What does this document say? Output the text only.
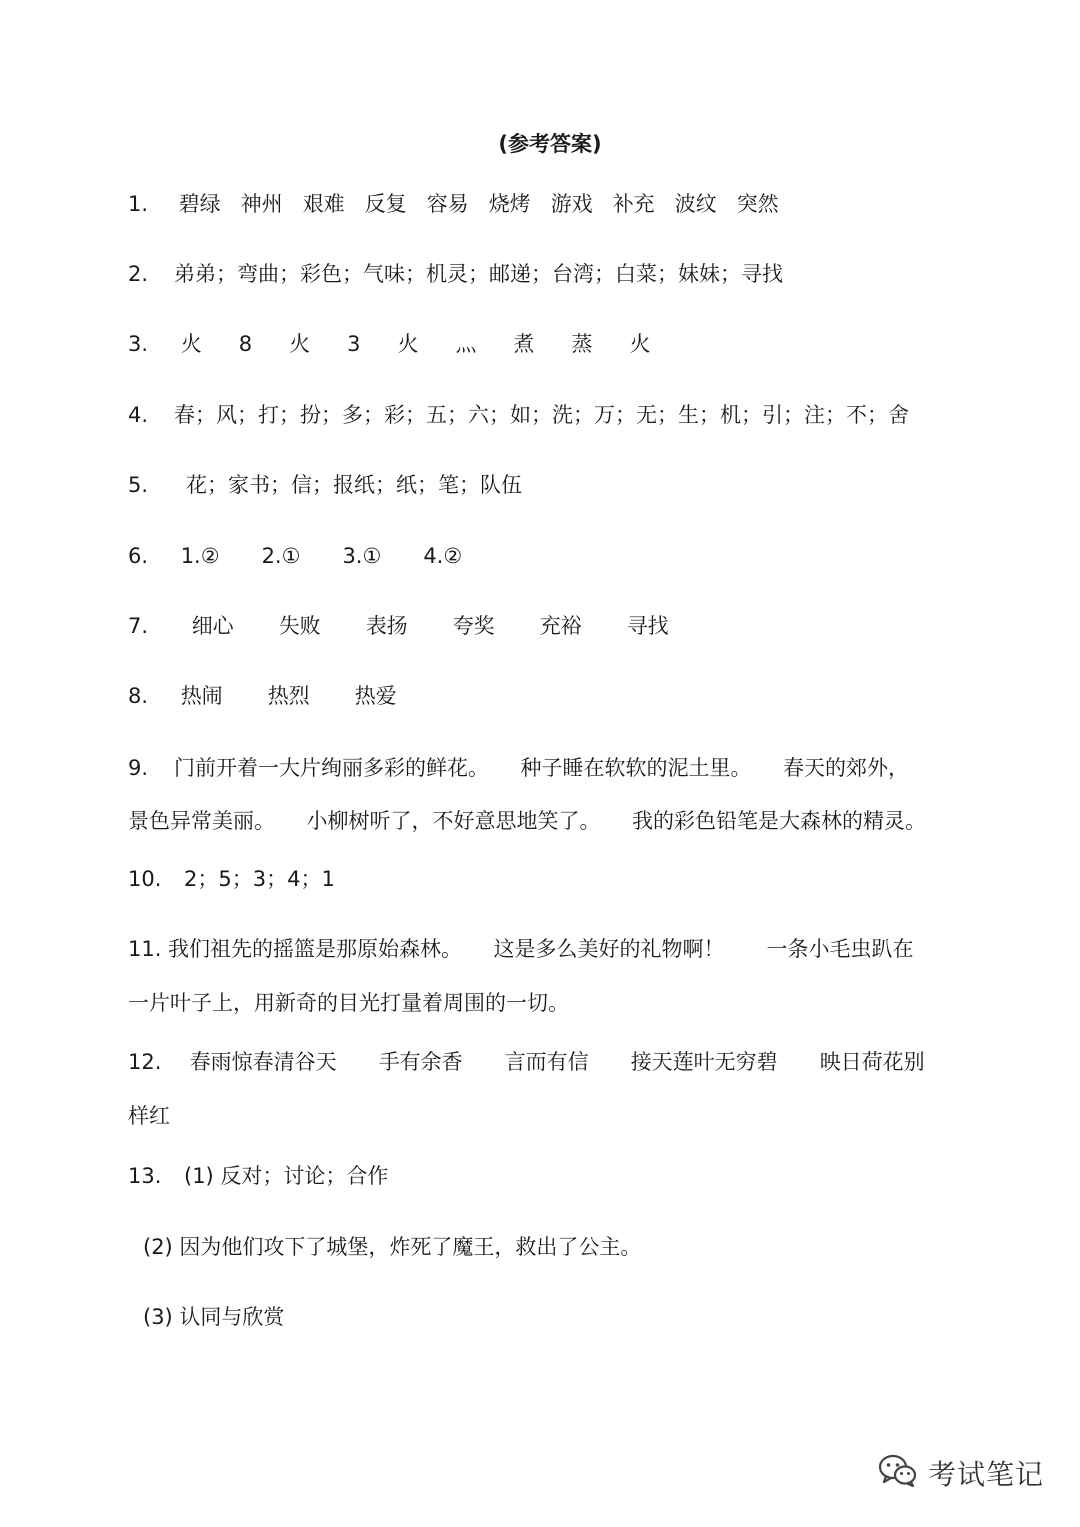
(参考答案)
1. 碧绿 神州 艰难 反复 容易 烧烤 游戏 补充 波纹 突然
2. 弟弟；弯曲；彩色；气味；机灵；邮递；台湾；白菜；妹妹；寻找
3. 火 8 火 3 火 灬 煮 蒸 火
4. 春；风；打；扮；多；彩；五；六；如；洗；万；无；生；机；引；注；不；舍
5. 花；家书；信；报纸；纸；笔；队伍
6. 1.② 2.① 3.① 4.②
7. 细心 失败 表扬 夸奖 充裕 寻找
8. 热闹 热烈 热爱
9. 门前开着一大片绚丽多彩的鲜花。　　种子睡在软软的泥土里。　　春天的郊外，
景色异常美丽。　　小柳树听了，不好意思地笑了。　　我的彩色铅笔是大森林的精灵。
10. 2；5；3；4；1
11. 我们祖先的摇篮是那原始森林。　　这是多么美好的礼物啊！　　一条小毛虫趴在
一片叶子上，用新奇的目光打量着周围的一切。
12. 春雨惊春清谷天 手有余香 言而有信 接天莲叶无穷碧 映日荷花别
样红
13. (1) 反对；讨论；合作
(2) 因为他们攻下了城堡，炸死了魔王，救出了公主。
(3) 认同与欣赏
考试笔记
